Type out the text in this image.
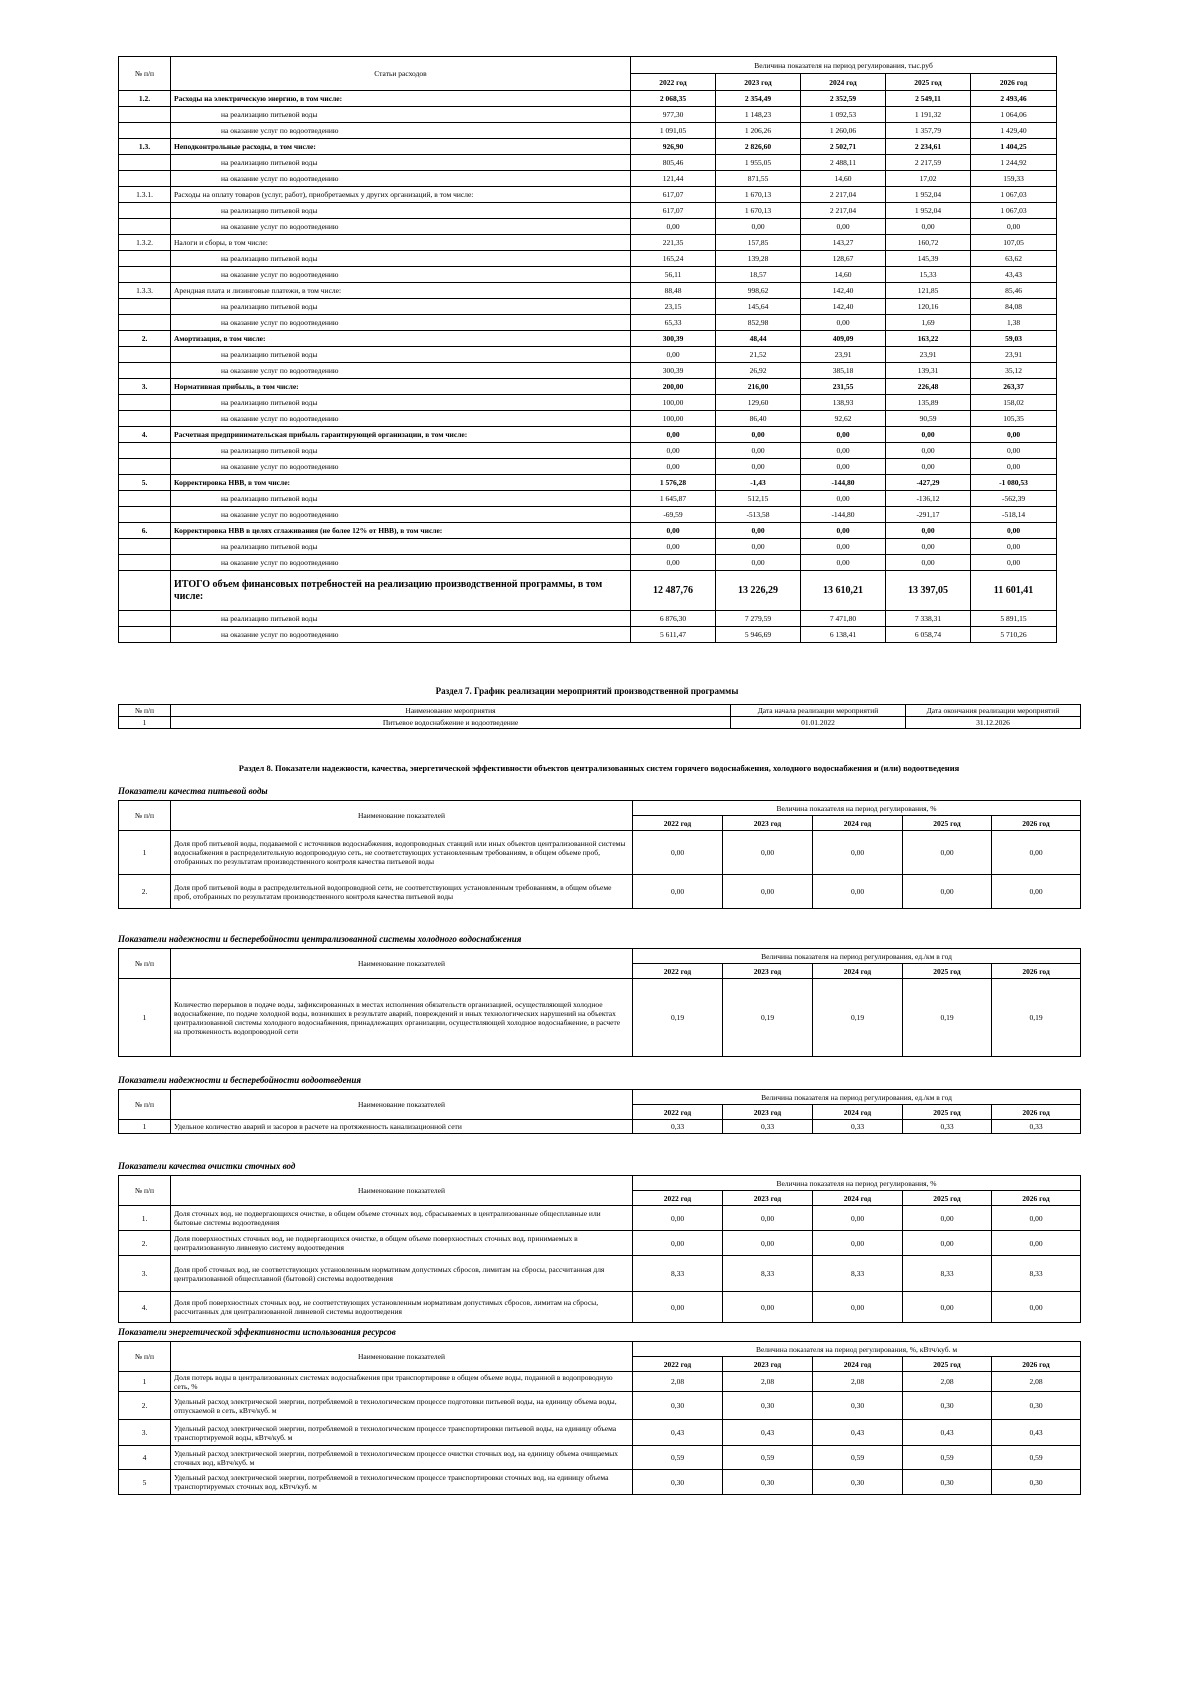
№ п/п	Статьи расходов	Величина показателя на период регулирования, тыс.руб				
		2022 год	2023 год	2024 год	2025 год	2026 год
1.2.	Расходы на электрическую энергию, в том числе:	2 068,35	2 354,49	2 352,59	2 549,11	2 493,46
	на реализацию питьевой воды	977,30	1 148,23	1 092,53	1 191,32	1 064,06
	на оказание услуг по водоотведению	1 091,05	1 206,26	1 260,06	1 357,79	1 429,40
1.3.	Неподконтрольные расходы, в том числе:	926,90	2 826,60	2 502,71	2 234,61	1 404,25
	на реализацию питьевой воды	805,46	1 955,05	2 488,11	2 217,59	1 244,92
	на оказание услуг по водоотведению	121,44	871,55	14,60	17,02	159,33
1.3.1.	Расходы на оплату товаров (услуг, работ), приобретаемых у других организаций, в том числе:	617,07	1 670,13	2 217,04	1 952,04	1 067,03
	на реализацию питьевой воды	617,07	1 670,13	2 217,04	1 952,04	1 067,03
	на оказание услуг по водоотведению	0,00	0,00	0,00	0,00	0,00
1.3.2.	Налоги и сборы, в том числе:	221,35	157,85	143,27	160,72	107,05
	на реализацию питьевой воды	165,24	139,28	128,67	145,39	63,62
	на оказание услуг по водоотведению	56,11	18,57	14,60	15,33	43,43
1.3.3.	Арендная плата и лизинговые платежи, в том числе:	88,48	998,62	142,40	121,85	85,46
	на реализацию питьевой воды	23,15	145,64	142,40	120,16	84,08
	на оказание услуг по водоотведению	65,33	852,98	0,00	1,69	1,38
2.	Амортизация, в том числе:	300,39	48,44	409,09	163,22	59,03
	на реализацию питьевой воды	0,00	21,52	23,91	23,91	23,91
	на оказание услуг по водоотведению	300,39	26,92	385,18	139,31	35,12
3.	Нормативная прибыль, в том числе:	200,00	216,00	231,55	226,48	263,37
	на реализацию питьевой воды	100,00	129,60	138,93	135,89	158,02
	на оказание услуг по водоотведению	100,00	86,40	92,62	90,59	105,35
4.	Расчетная предпринимательская прибыль гарантирующей организации, в том числе:	0,00	0,00	0,00	0,00	0,00
	на реализацию питьевой воды	0,00	0,00	0,00	0,00	0,00
	на оказание услуг по водоотведению	0,00	0,00	0,00	0,00	0,00
5.	Корректировка НВВ, в том числе:	1 576,28	-1,43	-144,80	-427,29	-1 080,53
	на реализацию питьевой воды	1 645,87	512,15	0,00	-136,12	-562,39
	на оказание услуг по водоотведению	-69,59	-513,58	-144,80	-291,17	-518,14
6.	Корректировка НВВ в целях сглаживания (не более 12% от НВВ), в том числе:	0,00	0,00	0,00	0,00	0,00
	на реализацию питьевой воды	0,00	0,00	0,00	0,00	0,00
	на оказание услуг по водоотведению	0,00	0,00	0,00	0,00	0,00
	ИТОГО объем финансовых потребностей на реализацию производственной программы, в том числе:	12 487,76	13 226,29	13 610,21	13 397,05	11 601,41
	на реализацию питьевой воды	6 876,30	7 279,59	7 471,80	7 338,31	5 891,15
	на оказание услуг по водоотведению	5 611,47	5 946,69	6 138,41	6 058,74	5 710,26
Раздел 7. График реализации мероприятий производственной программы
№ п/п	Наименование мероприятия	Дата начала реализации мероприятий	Дата окончания реализации мероприятий
1	Питьевое водоснабжение и водоотведение	01.01.2022	31.12.2026
Раздел 8. Показатели надежности, качества, энергетической эффективности объектов централизованных систем горячего водоснабжения, холодного водоснабжения и (или) водоотведения
Показатели качества питьевой воды
№ п/п	Наименование показателей	Величина показателя на период регулирования, %				
		2022 год	2023 год	2024 год	2025 год	2026 год
1	Доля проб питьевой воды, подаваемой с источников водоснабжения, водопроводных станций или иных объектов централизованной системы водоснабжения в распределительную водопроводную сеть, не соответствующих установленным требованиям, в общем объеме проб, отобранных по результатам производственного контроля качества питьевой воды	0,00	0,00	0,00	0,00	0,00
2.	Доля проб питьевой воды в распределительной водопроводной сети, не соответствующих установленным требованиям, в общем объеме проб, отобранных по результатам производственного контроля качества питьевой воды	0,00	0,00	0,00	0,00	0,00
Показатели надежности и бесперебойности централизованной системы холодного водоснабжения
№ п/п	Наименование показателей	Величина показателя на период регулирования, ед./км в год				
		2022 год	2023 год	2024 год	2025 год	2026 год
1	Количество перерывов в подаче воды, зафиксированных в местах исполнения обязательств организацией, осуществляющей холодное водоснабжение, по подаче холодной воды, возникших в результате аварий, повреждений и иных технологических нарушений на объектах централизованной системы холодного водоснабжения, принадлежащих организации, осуществляющей холодное водоснабжение, в расчете на протяженность водопроводной сети	0,19	0,19	0,19	0,19	0,19
Показатели надежности и бесперебойности водоотведения
№ п/п	Наименование показателей	Величина показателя на период регулирования, ед./км в год				
		2022 год	2023 год	2024 год	2025 год	2026 год
1	Удельное количество аварий и засоров в расчете на протяженность канализационной сети	0,33	0,33	0,33	0,33	0,33
Показатели качества очистки сточных вод
№ п/п	Наименование показателей	Величина показателя на период регулирования, %				
		2022 год	2023 год	2024 год	2025 год	2026 год
1.	Доля сточных вод, не подвергающихся очистке, в общем объеме сточных вод, сбрасываемых в централизованные общесплавные или бытовые системы водоотведения	0,00	0,00	0,00	0,00	0,00
2.	Доля поверхностных сточных вод, не подвергающихся очистке, в общем объеме поверхностных сточных вод, принимаемых в централизованную ливневую систему водоотведения	0,00	0,00	0,00	0,00	0,00
3.	Доля проб сточных вод, не соответствующих установленным нормативам допустимых сбросов, лимитам на сбросы, рассчитанная для централизованной общесплавной (бытовой) системы водоотведения	8,33	8,33	8,33	8,33	8,33
4.	Доля проб поверхностных сточных вод, не соответствующих установленным нормативам допустимых сбросов, лимитам на сбросы, рассчитанных для централизованной ливневой системы водоотведения	0,00	0,00	0,00	0,00	0,00
Показатели энергетической эффективности использования ресурсов
№ п/п	Наименование показателей	Величина показателя на период регулирования, %, кВтч/куб. м				
		2022 год	2023 год	2024 год	2025 год	2026 год
1	Доля потерь воды в централизованных системах водоснабжения при транспортировке в общем объеме воды, поданной в водопроводную сеть, %	2,08	2,08	2,08	2,08	2,08
2.	Удельный расход электрической энергии, потребляемой в технологическом процессе подготовки питьевой воды, на единицу объема воды, отпускаемой в сеть, кВтч/куб. м	0,30	0,30	0,30	0,30	0,30
3.	Удельный расход электрической энергии, потребляемой в технологическом процессе транспортировки питьевой воды, на единицу объема транспортируемой воды, кВтч/куб. м	0,43	0,43	0,43	0,43	0,43
4	Удельный расход электрической энергии, потребляемой в технологическом процессе очистки сточных вод, на единицу объема очищаемых сточных вод, кВтч/куб. м	0,59	0,59	0,59	0,59	0,59
5	Удельный расход электрической энергии, потребляемой в технологическом процессе транспортировки сточных вод, на единицу объема транспортируемых сточных вод, кВтч/куб. м	0,30	0,30	0,30	0,30	0,30
